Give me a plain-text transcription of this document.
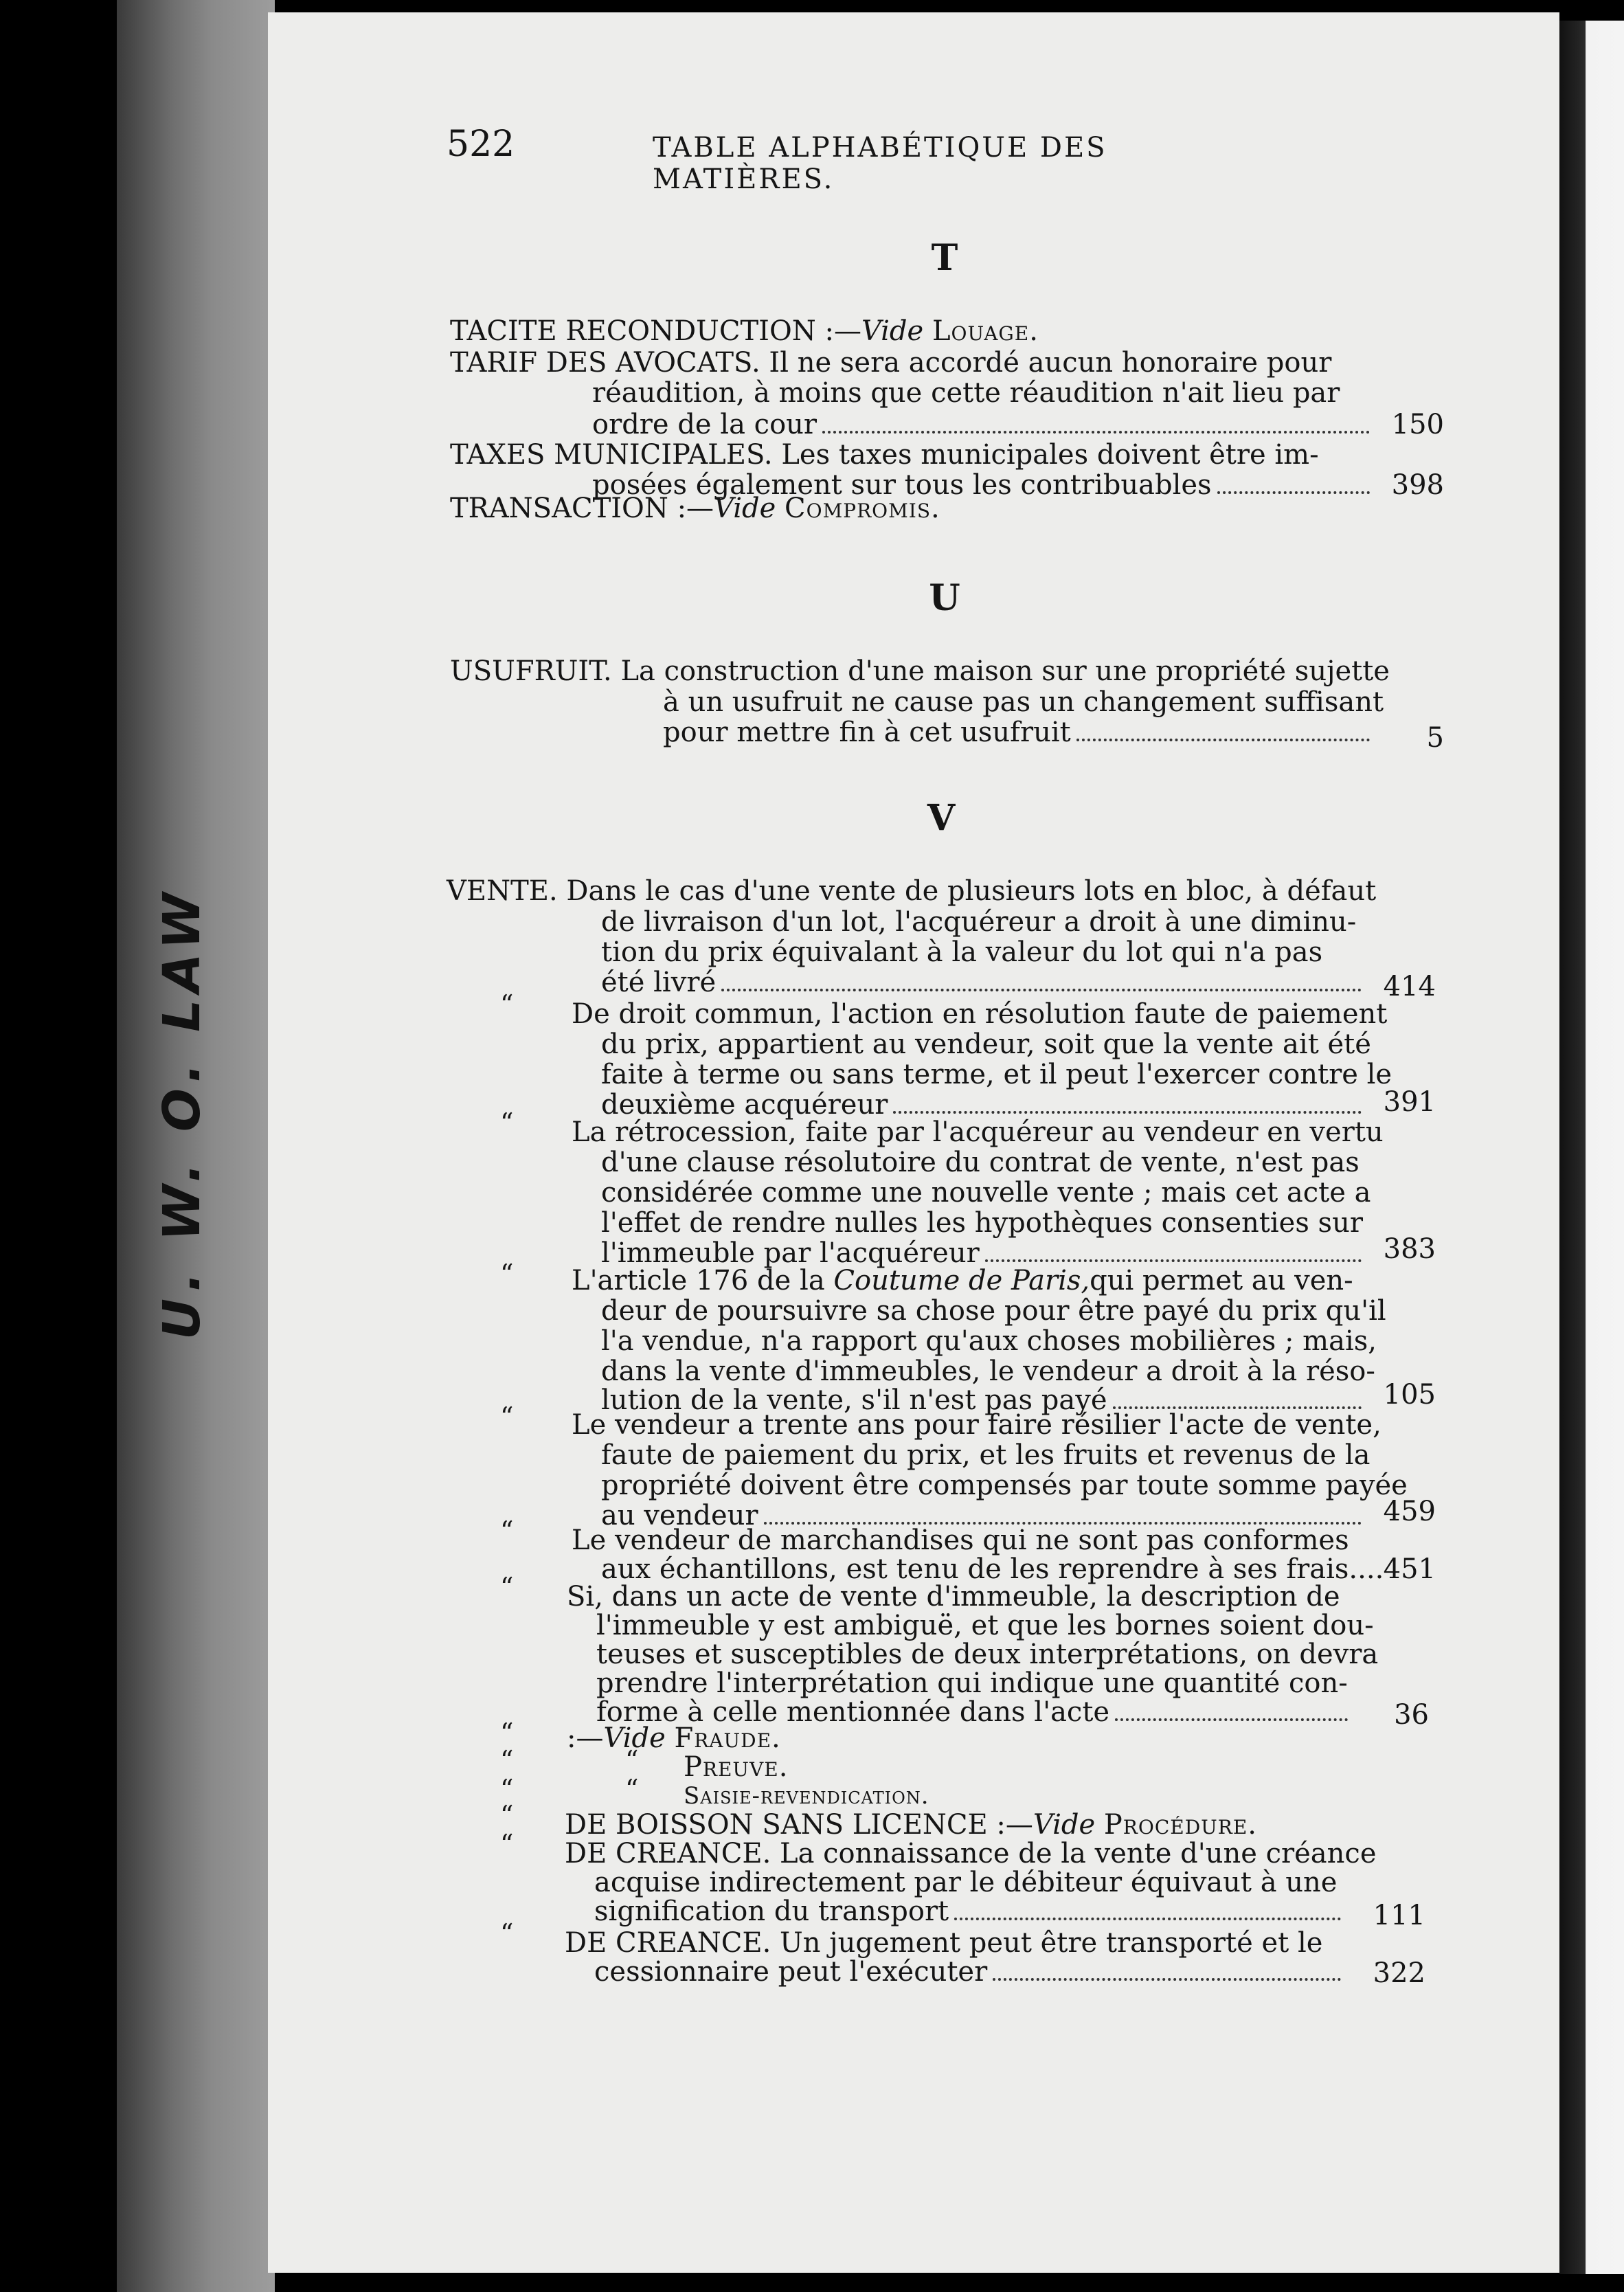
U. W. O. LAW
522	TABLE ALPHABÉTIQUE DES MATIÈRES.
T
TACITE RECONDUCTION :—Vide Louage.
TARIF DES AVOCATS. Il ne sera accordé aucun honoraire pour
réaudition, à moins que cette réaudition n'ait lieu par
ordre de la cour	150
TAXES MUNICIPALES. Les taxes municipales doivent être im-
posées également sur tous les contribuables	398
TRANSACTION :—Vide Compromis.
U
USUFRUIT. La construction d'une maison sur une propriété sujette
à un usufruit ne cause pas un changement suffisant
pour mettre fin à cet usufruit	5
V
VENTE. Dans le cas d'une vente de plusieurs lots en bloc, à défaut
de livraison d'un lot, l'acquéreur a droit à une diminu-
tion du prix équivalant à la valeur du lot qui n'a pas
été livré	414
“ De droit commun, l'action en résolution faute de paiement
du prix, appartient au vendeur, soit que la vente ait été
faite à terme ou sans terme, et il peut l'exercer contre le
deuxième acquéreur	391
“ La rétrocession, faite par l'acquéreur au vendeur en vertu
d'une clause résolutoire du contrat de vente, n'est pas
considérée comme une nouvelle vente ; mais cet acte a
l'effet de rendre nulles les hypothèques consenties sur
l'immeuble par l'acquéreur	383
“ L'article 176 de la Coutume de Paris,qui permet au ven-
deur de poursuivre sa chose pour être payé du prix qu'il
l'a vendue, n'a rapport qu'aux choses mobilières ; mais,
dans la vente d'immeubles, le vendeur a droit à la réso-
lution de la vente, s'il n'est pas payé	105
“ Le vendeur a trente ans pour faire résilier l'acte de vente,
faute de paiement du prix, et les fruits et revenus de la
propriété doivent être compensés par toute somme payée
au vendeur	459
“ Le vendeur de marchandises qui ne sont pas conformes
aux échantillons, est tenu de les reprendre à ses frais.... 451
“ Si, dans un acte de vente d'immeuble, la description de
l'immeuble y est ambiguë, et que les bornes soient dou-
teuses et susceptibles de deux interprétations, on devra
prendre l'interprétation qui indique une quantité con-
forme à celle mentionnée dans l'acte	36
“ :—Vide Fraude.
“	“ Preuve.
“	“ Saisie-revendication.
“ DE BOISSON SANS LICENCE :—Vide Procédure.
“ DE CREANCE. La connaissance de la vente d'une créance
acquise indirectement par le débiteur équivaut à une
signification du transport	111
“ DE CREANCE. Un jugement peut être transporté et le
cessionnaire peut l'exécuter	322
